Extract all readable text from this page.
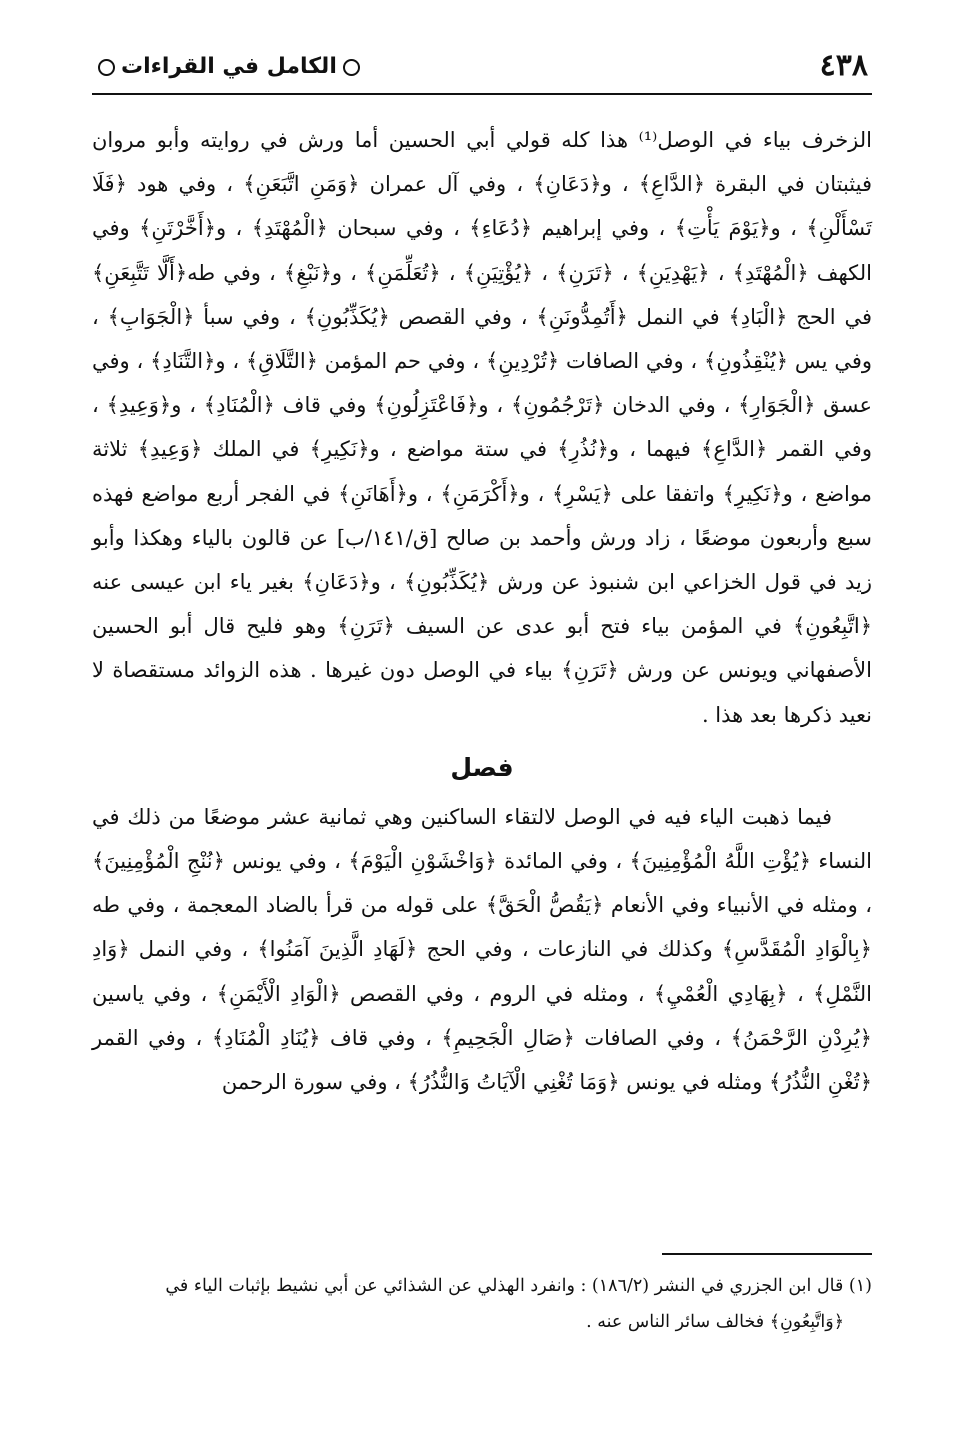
٤٣٨
الكامل في القراءات

الزخرف بياء في الوصل⁽¹⁾ هذا كله قولي أبي الحسين أما ورش في روايته وأبو مروان فيثبتان في البقرة ﴿الدَّاعِ﴾ ، و﴿دَعَانِ﴾ ، وفي آل عمران ﴿وَمَنِ اتَّبَعَنِ﴾ ، وفي هود ﴿فَلَا تَسْأَلْنِ﴾ ، و﴿يَوْمَ يَأْتِ﴾ ، وفي إبراهيم ﴿دُعَاءِ﴾ ، وفي سبحان ﴿الْمُهْتَدِ﴾ ، و﴿أَخَّرْتَنِ﴾ وفي الكهف ﴿الْمُهْتَدِ﴾ ، ﴿يَهْدِيَنِ﴾ ، ﴿تَرَنِ﴾ ، ﴿يُؤْتِيَنِ﴾ ، ﴿تُعَلِّمَنِ﴾ ، و﴿نَبْغِ﴾ ، وفي طه﴿أَلَّا تَتَّبِعَنِ﴾ في الحج ﴿الْبَادِ﴾ في النمل ﴿أَتُمِدُّونَنِ﴾ ، وفي القصص ﴿يُكَذِّبُونِ﴾ ، وفي سبأ ﴿الْجَوَابِ﴾ ، وفي يس ﴿يُنْقِذُونِ﴾ ، وفي الصافات ﴿تُرْدِينِ﴾ ، وفي حم المؤمن ﴿التَّلَاقِ﴾ ، و﴿التَّنَادِ﴾ ، وفي عسق ﴿الْجَوَارِ﴾ ، وفي الدخان ﴿تَرْجُمُونِ﴾ ، و﴿فَاعْتَزِلُونِ﴾ وفي قاف ﴿الْمُنَادِ﴾ ، و﴿وَعِيدِ﴾ ، وفي القمر ﴿الدَّاعِ﴾ فيهما ، و﴿نُذُرِ﴾ في ستة مواضع ، و﴿نَكِيرِ﴾ في الملك ﴿وَعِيدِ﴾ ثلاثة مواضع ، و﴿نَكِيرِ﴾ واتفقا على ﴿يَسْرِ﴾ ، و﴿أَكْرَمَنِ﴾ ، و﴿أَهَانَنِ﴾ في الفجر أربع مواضع فهذه سبع وأربعون موضعًا ، زاد ورش وأحمد بن صالح [ق/١٤١/ب] عن قالون بالياء وهكذا وأبو زيد في قول الخزاعي ابن شنبوذ عن ورش ﴿يُكَذِّبُونِ﴾ ، و﴿دَعَانِ﴾ بغير ياء ابن عيسى عنه ﴿اتَّبِعُونِ﴾ في المؤمن بياء فتح أبو عدى عن السيف ﴿تَرَنِ﴾ وهو فليح قال أبو الحسين الأصفهاني ويونس عن ورش ﴿تَرَنِ﴾ بياء في الوصل دون غيرها . هذه الزوائد مستقصاة لا نعيد ذكرها بعد هذا .

فصل

فيما ذهبت الياء فيه في الوصل لالتقاء الساكنين وهي ثمانية عشر موضعًا من ذلك في النساء ﴿يُؤْتِ اللَّهُ الْمُؤْمِنِينَ﴾ ، وفي المائدة ﴿وَاخْشَوْنِ الْيَوْمَ﴾ ، وفي يونس ﴿نُنْجِ الْمُؤْمِنِينَ﴾ ، ومثله في الأنبياء وفي الأنعام ﴿يَقُصُّ الْحَقَّ﴾ على قوله من قرأ بالضاد المعجمة ، وفي طه ﴿بِالْوَادِ الْمُقَدَّسِ﴾ وكذلك في النازعات ، وفي الحج ﴿لَهَادِ الَّذِينَ آمَنُوا﴾ ، وفي النمل ﴿وَادِ النَّمْلِ﴾ ، ﴿بِهَادِي الْعُمْيِ﴾ ، ومثله في الروم ، وفي القصص ﴿الْوَادِ الْأَيْمَنِ﴾ ، وفي ياسين ﴿يُرِدْنِ الرَّحْمَنُ﴾ ، وفي الصافات ﴿صَالِ الْجَحِيمِ﴾ ، وفي قاف ﴿يُنَادِ الْمُنَادِ﴾ ، وفي القمر ﴿تُغْنِ النُّذُرُ﴾ ومثله في يونس ﴿وَمَا تُغْنِي الْآيَاتُ وَالنُّذُرُ﴾ ، وفي سورة الرحمن

(١) قال ابن الجزري في النشر (١٨٦/٢) : وانفرد الهذلي عن الشذائي عن أبي نشيط بإثبات الياء في
﴿وَاتَّبِعُونِ﴾ فخالف سائر الناس عنه .
